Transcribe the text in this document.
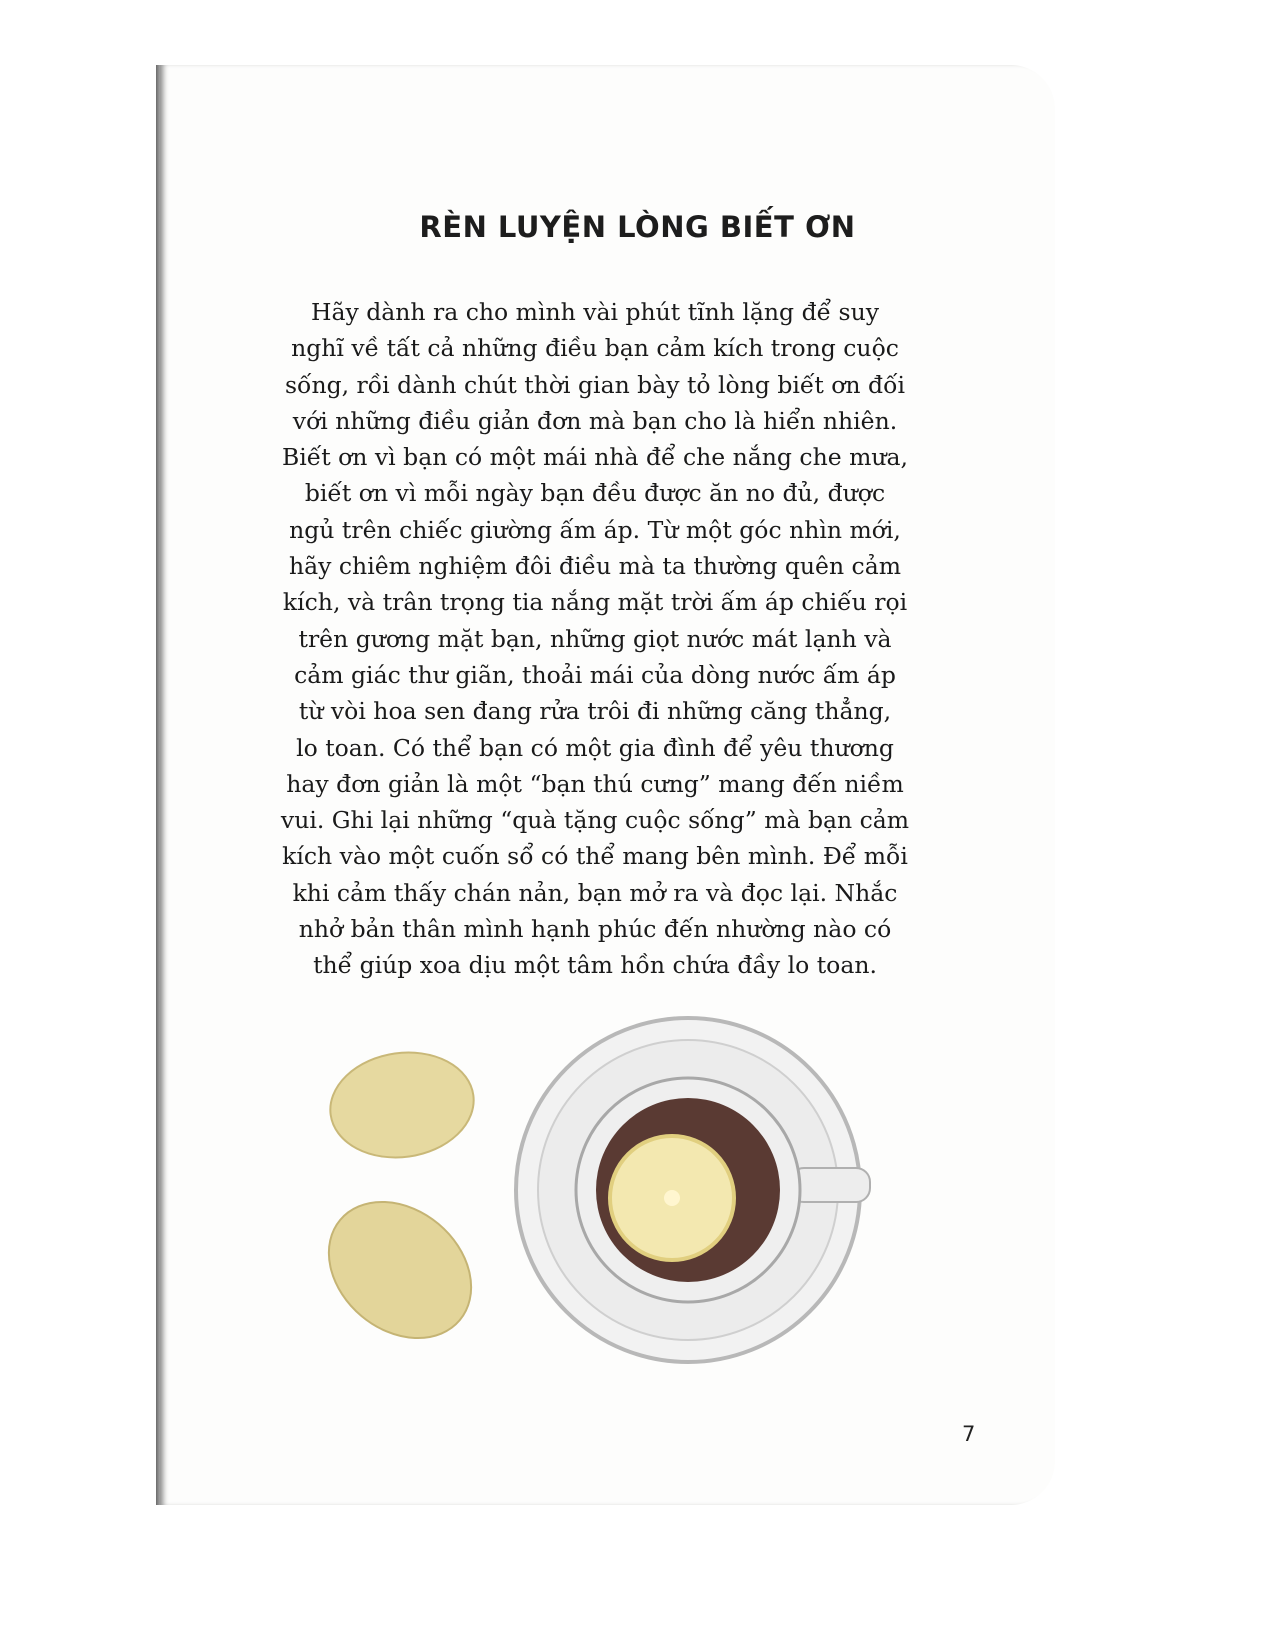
RÈN LUYỆN LÒNG BIẾT ƠN
Hãy dành ra cho mình vài phút tĩnh lặng để suy
nghĩ về tất cả những điều bạn cảm kích trong cuộc
sống, rồi dành chút thời gian bày tỏ lòng biết ơn đối
với những điều giản đơn mà bạn cho là hiển nhiên.
Biết ơn vì bạn có một mái nhà để che nắng che mưa,
biết ơn vì mỗi ngày bạn đều được ăn no đủ, được
ngủ trên chiếc giường ấm áp. Từ một góc nhìn mới,
hãy chiêm nghiệm đôi điều mà ta thường quên cảm
kích, và trân trọng tia nắng mặt trời ấm áp chiếu rọi
trên gương mặt bạn, những giọt nước mát lạnh và
cảm giác thư giãn, thoải mái của dòng nước ấm áp
từ vòi hoa sen đang rửa trôi đi những căng thẳng,
lo toan. Có thể bạn có một gia đình để yêu thương
hay đơn giản là một “bạn thú cưng” mang đến niềm
vui. Ghi lại những “quà tặng cuộc sống” mà bạn cảm
kích vào một cuốn sổ có thể mang bên mình. Để mỗi
khi cảm thấy chán nản, bạn mở ra và đọc lại. Nhắc
nhở bản thân mình hạnh phúc đến nhường nào có
thể giúp xoa dịu một tâm hồn chứa đầy lo toan.
7
